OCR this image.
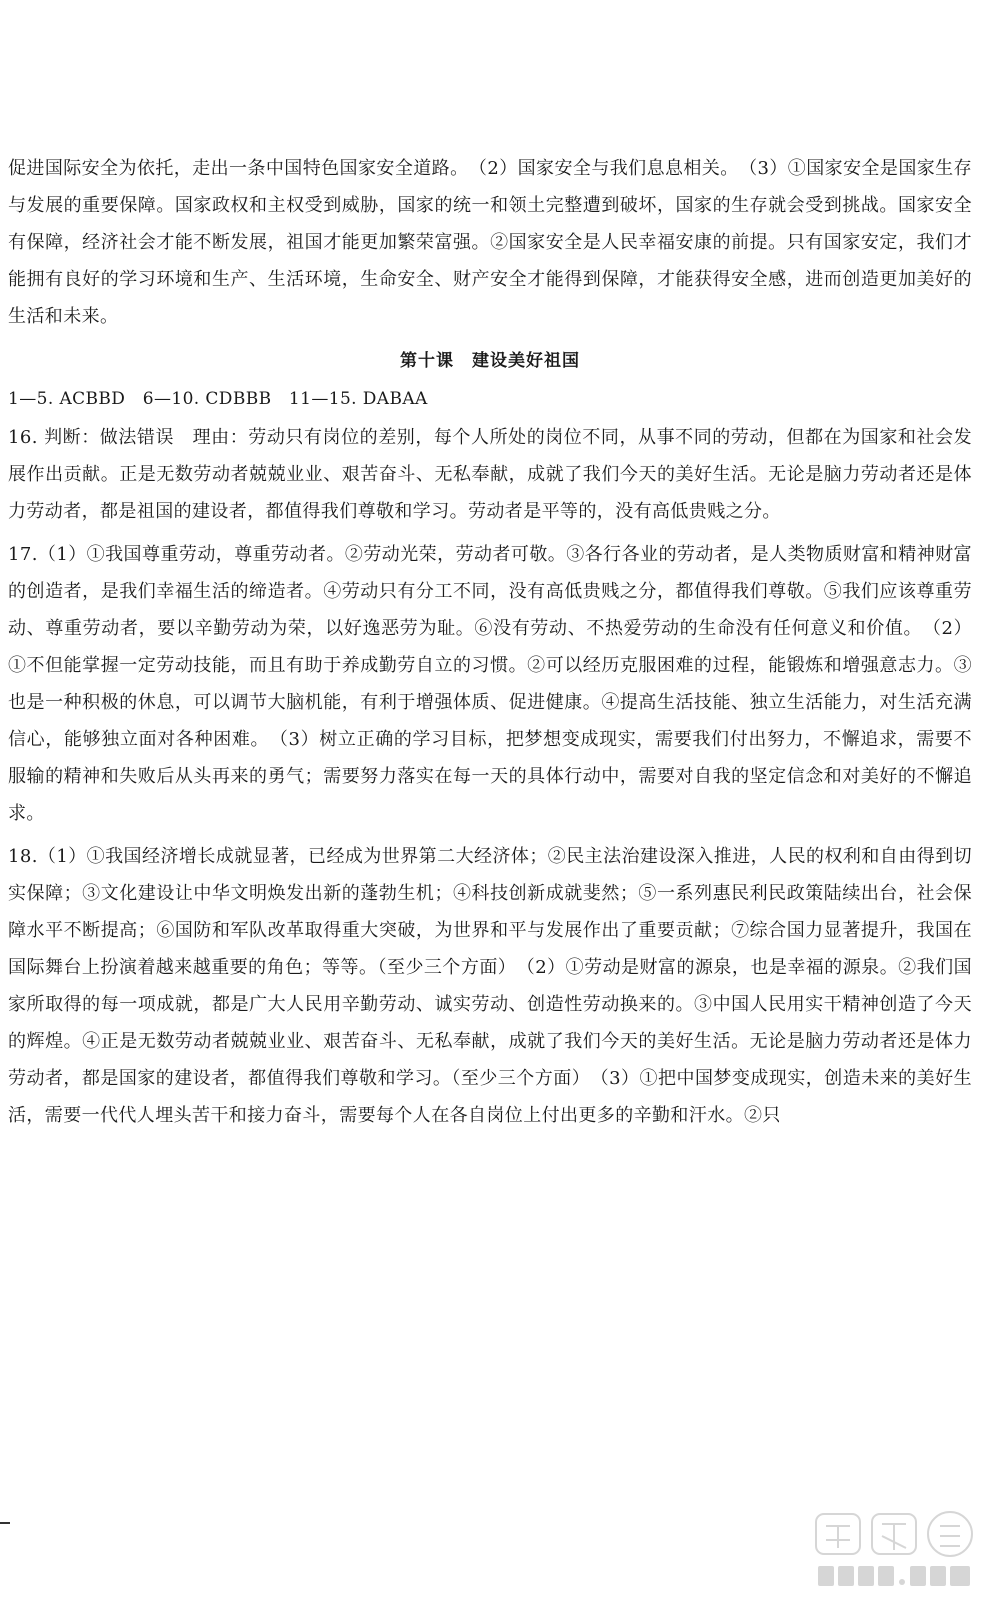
促进国际安全为依托，走出一条中国特色国家安全道路。　（2）国家安全与我们息息相关。　（3）①国家安全是国家生存与发展的重要保障。国家政权和主权受到威胁，国家的统一和领土完整遭到破坏，国家的生存就会受到挑战。国家安全有保障，经济社会才能不断发展，祖国才能更加繁荣富强。②国家安全是人民幸福安康的前提。只有国家安定，我们才能拥有良好的学习环境和生产、生活环境，生命安全、财产安全才能得到保障，才能获得安全感，进而创造更加美好的生活和未来。

第十课　建设美好祖国

1—5. ACBBD　6—10. CDBBB　11—15. DABAA

16. 判断：做法错误　理由：劳动只有岗位的差别，每个人所处的岗位不同，从事不同的劳动，但都在为国家和社会发展作出贡献。正是无数劳动者兢兢业业、艰苦奋斗、无私奉献，成就了我们今天的美好生活。无论是脑力劳动者还是体力劳动者，都是祖国的建设者，都值得我们尊敬和学习。劳动者是平等的，没有高低贵贱之分。

17.（1）①我国尊重劳动，尊重劳动者。②劳动光荣，劳动者可敬。③各行各业的劳动者，是人类物质财富和精神财富的创造者，是我们幸福生活的缔造者。④劳动只有分工不同，没有高低贵贱之分，都值得我们尊敬。⑤我们应该尊重劳动、尊重劳动者，要以辛勤劳动为荣，以好逸恶劳为耻。⑥没有劳动、不热爱劳动的生命没有任何意义和价值。　（2）①不但能掌握一定劳动技能，而且有助于养成勤劳自立的习惯。②可以经历克服困难的过程，能锻炼和增强意志力。③也是一种积极的休息，可以调节大脑机能，有利于增强体质、促进健康。④提高生活技能、独立生活能力，对生活充满信心，能够独立面对各种困难。　（3）树立正确的学习目标，把梦想变成现实，需要我们付出努力，不懈追求，需要不服输的精神和失败后从头再来的勇气；需要努力落实在每一天的具体行动中，需要对自我的坚定信念和对美好的不懈追求。

18.（1）①我国经济增长成就显著，已经成为世界第二大经济体；②民主法治建设深入推进，人民的权利和自由得到切实保障；③文化建设让中华文明焕发出新的蓬勃生机；④科技创新成就斐然；⑤一系列惠民利民政策陆续出台，社会保障水平不断提高；⑥国防和军队改革取得重大突破，为世界和平与发展作出了重要贡献；⑦综合国力显著提升，我国在国际舞台上扮演着越来越重要的角色；等等。（至少三个方面）　（2）①劳动是财富的源泉，也是幸福的源泉。②我们国家所取得的每一项成就，都是广大人民用辛勤劳动、诚实劳动、创造性劳动换来的。③中国人民用实干精神创造了今天的辉煌。④正是无数劳动者兢兢业业、艰苦奋斗、无私奉献，成就了我们今天的美好生活。无论是脑力劳动者还是体力劳动者，都是国家的建设者，都值得我们尊敬和学习。（至少三个方面）　（3）①把中国梦变成现实，创造未来的美好生活，需要一代代人埋头苦干和接力奋斗，需要每个人在各自岗位上付出更多的辛勤和汗水。②只
